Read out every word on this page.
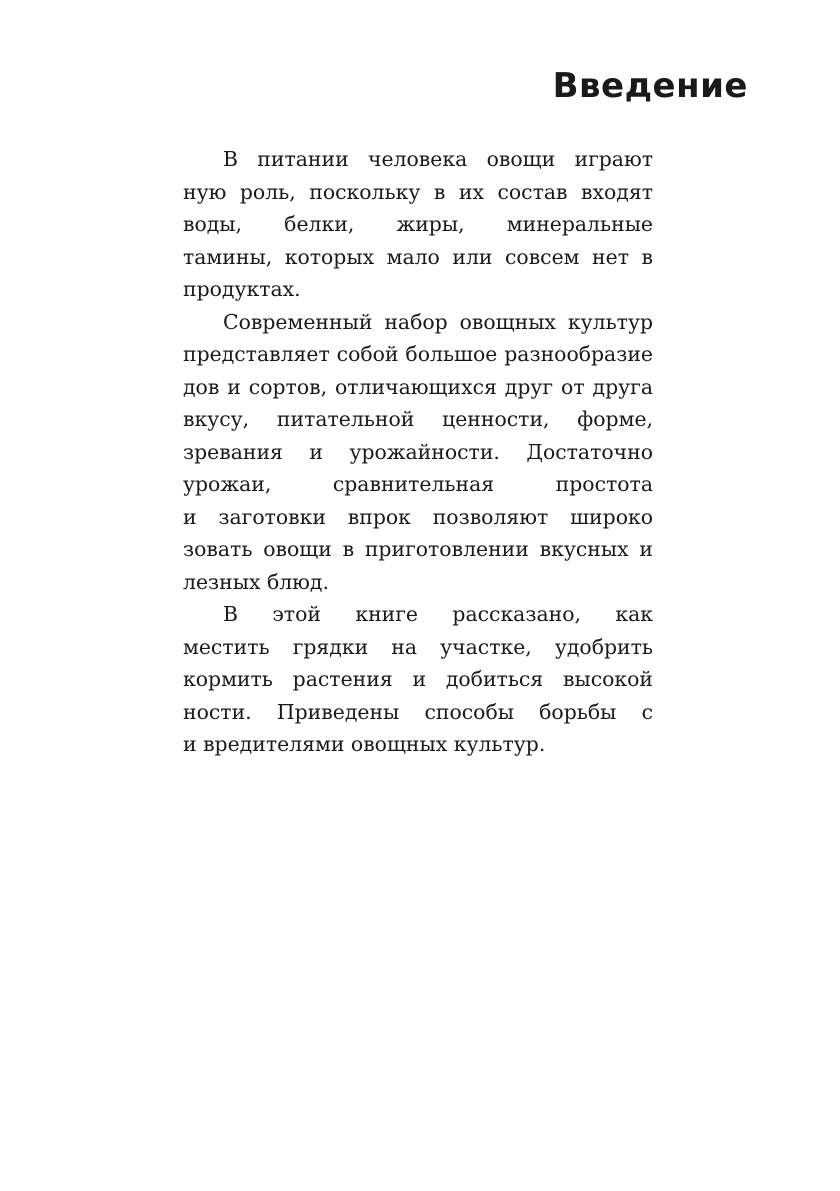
Введение
В питании человека овощи играют
ную роль, поскольку в их состав входят
воды, белки, жиры, минеральные
тамины, которых мало или совсем нет в
продуктах.
Современный набор овощных культур
представляет собой большое разнообразие
дов и сортов, отличающихся друг от друга
вкусу, питательной ценности, форме,
зревания и урожайности. Достаточно
урожаи, сравнительная простота
и заготовки впрок позволяют широко
зовать овощи в приготовлении вкусных и
лезных блюд.
В этой книге рассказано, как
местить грядки на участке, удобрить
кормить растения и добиться высокой
ности. Приведены способы борьбы с
и вредителями овощных культур.
